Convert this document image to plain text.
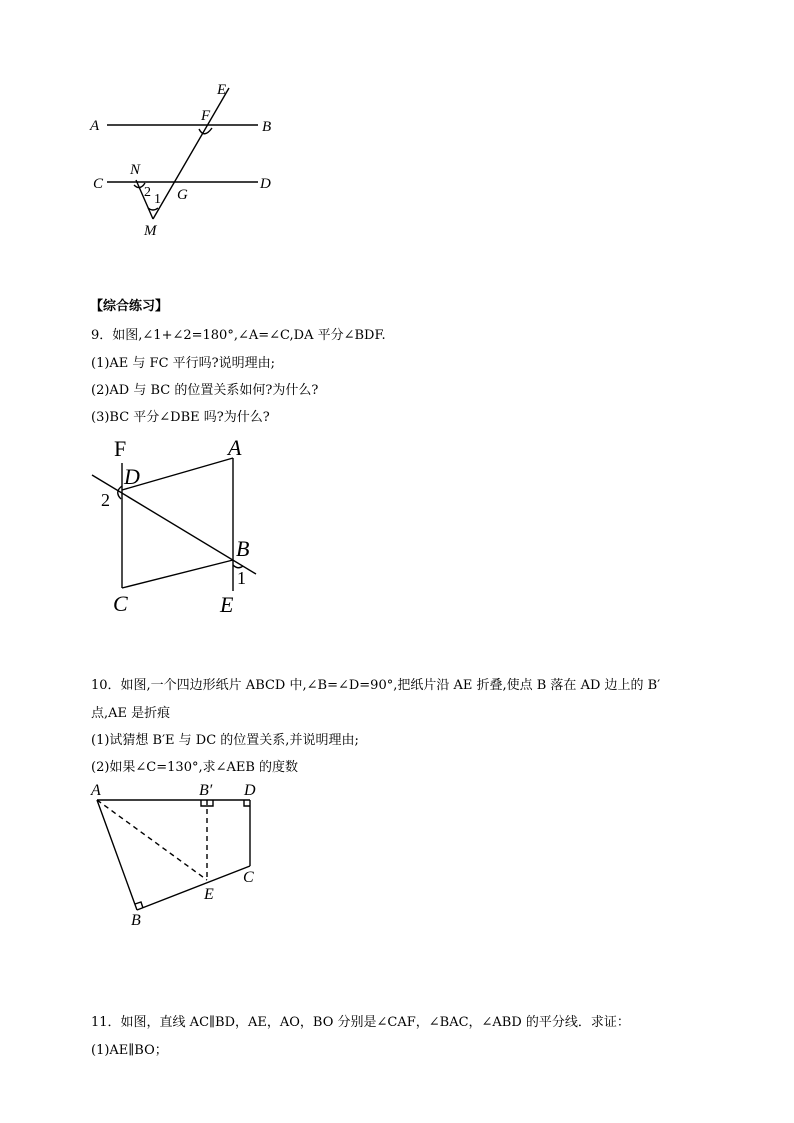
E
A
F
B
N
C	D
2 1 G
M
【综合练习】
9．如图,∠1+∠2=180°,∠A=∠C,DA 平分∠BDF.
(1)AE 与 FC 平行吗?说明理由;
(2)AD 与 BC 的位置关系如何?为什么?
(3)BC 平分∠DBE 吗?为什么?
F	A
D
2
B
1
C	E
10．如图,一个四边形纸片 ABCD 中,∠B=∠D=90°,把纸片沿 AE 折叠,使点 B 落在 AD 边上的 B′
点,AE 是折痕
(1)试猜想 B′E 与 DC 的位置关系,并说明理由;
(2)如果∠C=130°,求∠AEB 的度数
A	B′ D
C
E
B
11．如图，直线 AC∥BD，AE，AO，BO 分别是∠CAF，∠BAC，∠ABD 的平分线．求证：
(1)AE∥BO；
